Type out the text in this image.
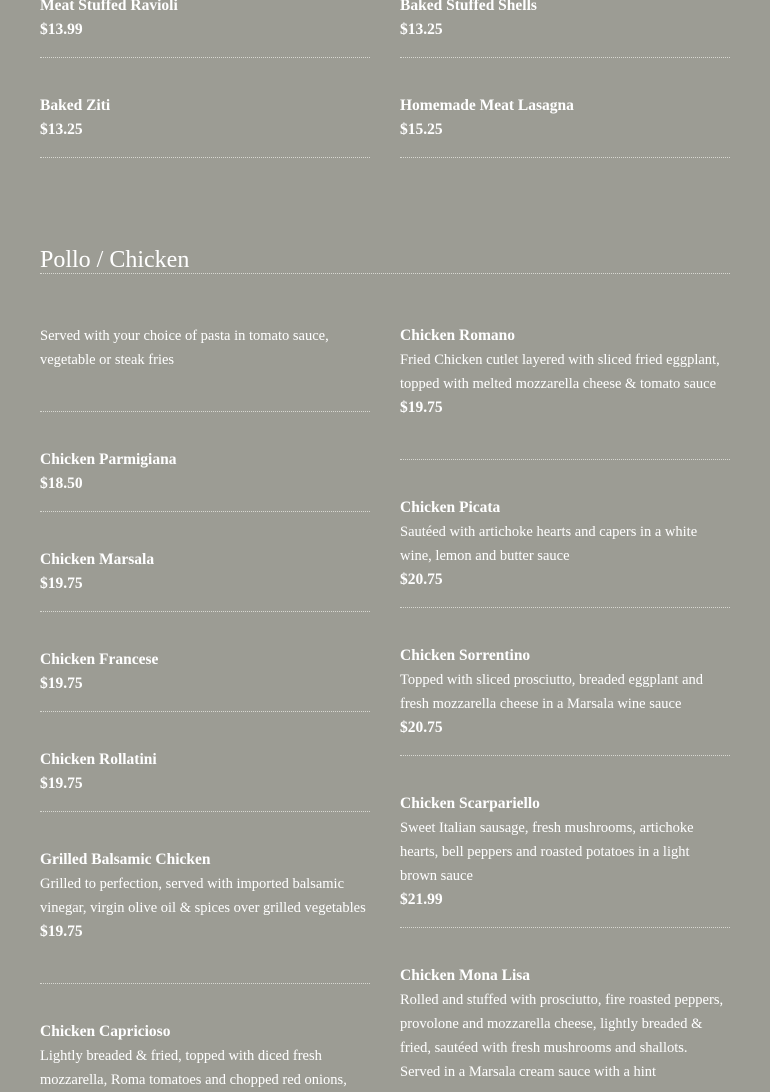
Meat Stuffed Ravioli
$13.99
Baked Ziti
$13.25
Baked Stuffed Shells
$13.25
Homemade Meat Lasagna
$15.25
Pollo / Chicken
Served with your choice of pasta in tomato sauce, vegetable or steak fries
Chicken Parmigiana
$18.50
Chicken Marsala
$19.75
Chicken Francese
$19.75
Chicken Rollatini
$19.75
Grilled Balsamic Chicken
Grilled to perfection, served with imported balsamic vinegar, virgin olive oil & spices over grilled vegetables
$19.75
Chicken Capricioso
Lightly breaded & fried, topped with diced fresh mozzarella, Roma tomatoes and chopped red onions,
Chicken Romano
Fried Chicken cutlet layered with sliced fried eggplant, topped with melted mozzarella cheese & tomato sauce
$19.75
Chicken Picata
Sautéed with artichoke hearts and capers in a white wine, lemon and butter sauce
$20.75
Chicken Sorrentino
Topped with sliced prosciutto, breaded eggplant and fresh mozzarella cheese in a Marsala wine sauce
$20.75
Chicken Scarpariello
Sweet Italian sausage, fresh mushrooms, artichoke hearts, bell peppers and roasted potatoes in a light brown sauce
$21.99
Chicken Mona Lisa
Rolled and stuffed with prosciutto, fire roasted peppers, provolone and mozzarella cheese, lightly breaded & fried, sautéed with fresh mushrooms and shallots. Served in a Marsala cream sauce with a hint
